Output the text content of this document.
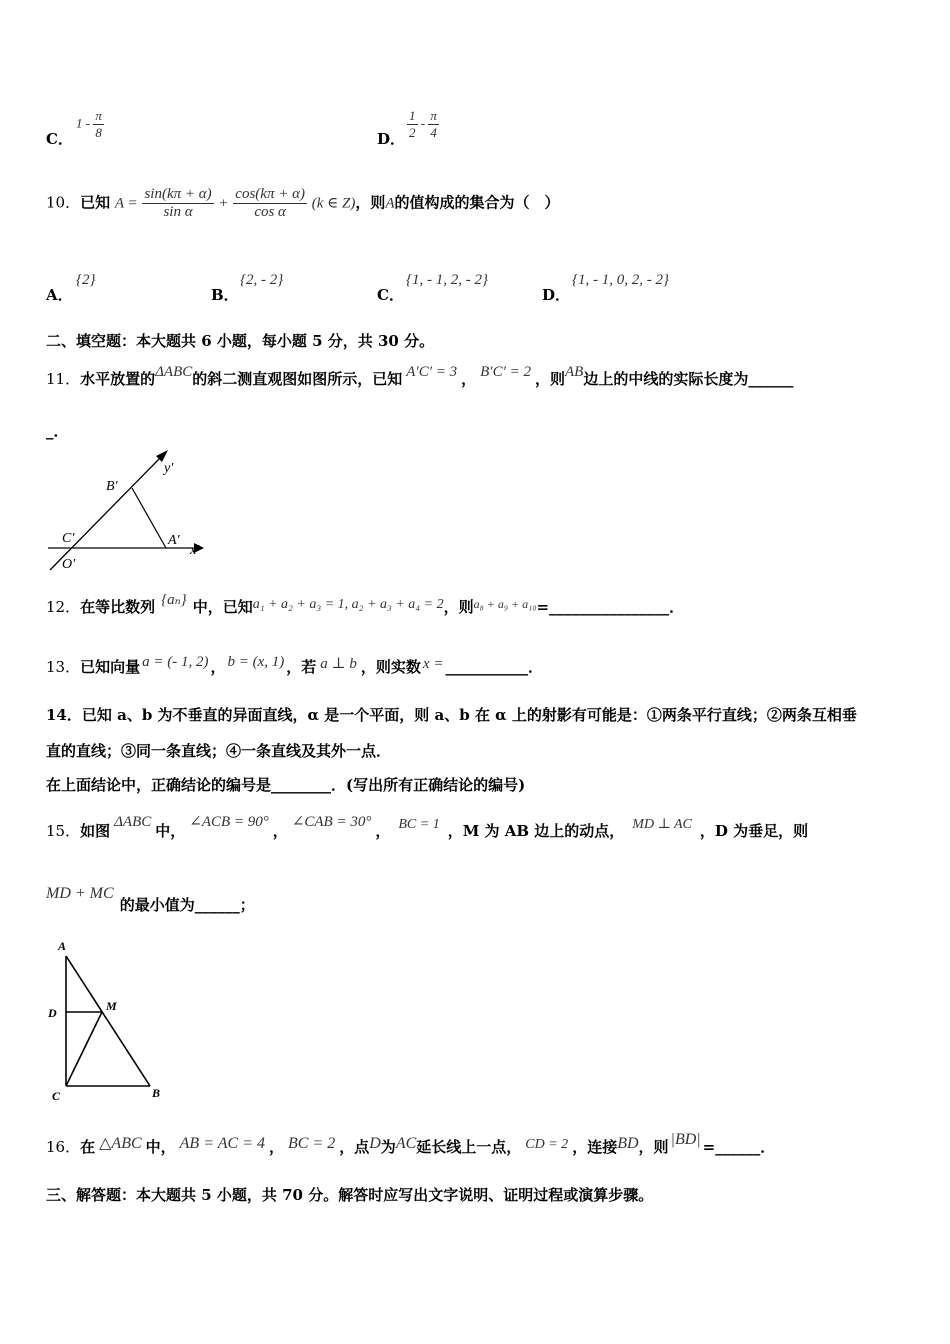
C．
$1 - \frac{\pi}{8}$	D． $\frac{1}{2} - \frac{\pi}{4}$
10．已知 $A = \frac{\sin(k\pi + \alpha)}{\text{sin α}} + \frac{\cos(k\pi + \alpha)}{\text{cos α}} (k$ ∈ Z)，则A的值构成的集合为（　）
A．
{2}
B．
{2, - 2}
C．
{1, - 1, 2, - 2}
D．
{1, - 1, 0, 2, - 2}
二、填空题：本大题共 6 小题，每小题 5 分，共 30 分。
11．水平放置的ΔABC的斜二测直观图如图所示，已知 A′C′ = 3 ， B′C′ = 2 ，则AB边上的中线的实际长度为______
_．
y′
B′
C′	A′
x′
O′
12．在等比数列 {aₙ} 中，已知a₁ + a₂ + a₃ = 1, a₂ + a₃ + a₄ = 2，则$^{a_8 + a_9 + a_{10}}$=________________．
13．已知向量 a = (- 1, 2) ， b = (x, 1) ，若 a ⊥ b ，则实数 x = ___________．
14．已知 a、b 为不垂直的异面直线，α 是一个平面，则 a、b 在 α 上的射影有可能是：①两条平行直线；②两条互相垂
直的直线；③同一条直线；④一条直线及其外一点．
在上面结论中，正确结论的编号是________．(写出所有正确结论的编号)
15．如图 ΔABC 中， ∠ACB = 90° ， ∠CAB = 30° ， BC = 1 ，M 为 AB 边上的动点， MD ⊥ AC ，D 为垂足，则
MD + MC的最小值为______；
A
D	M
C	B
16．在 △ABC 中， AB = AC = 4 ， BC = 2 ，点D为AC延长线上一点， CD = 2 ，连接BD，则 |BD| =______．
三、解答题：本大题共 5 小题，共 70 分。解答时应写出文字说明、证明过程或演算步骤。
